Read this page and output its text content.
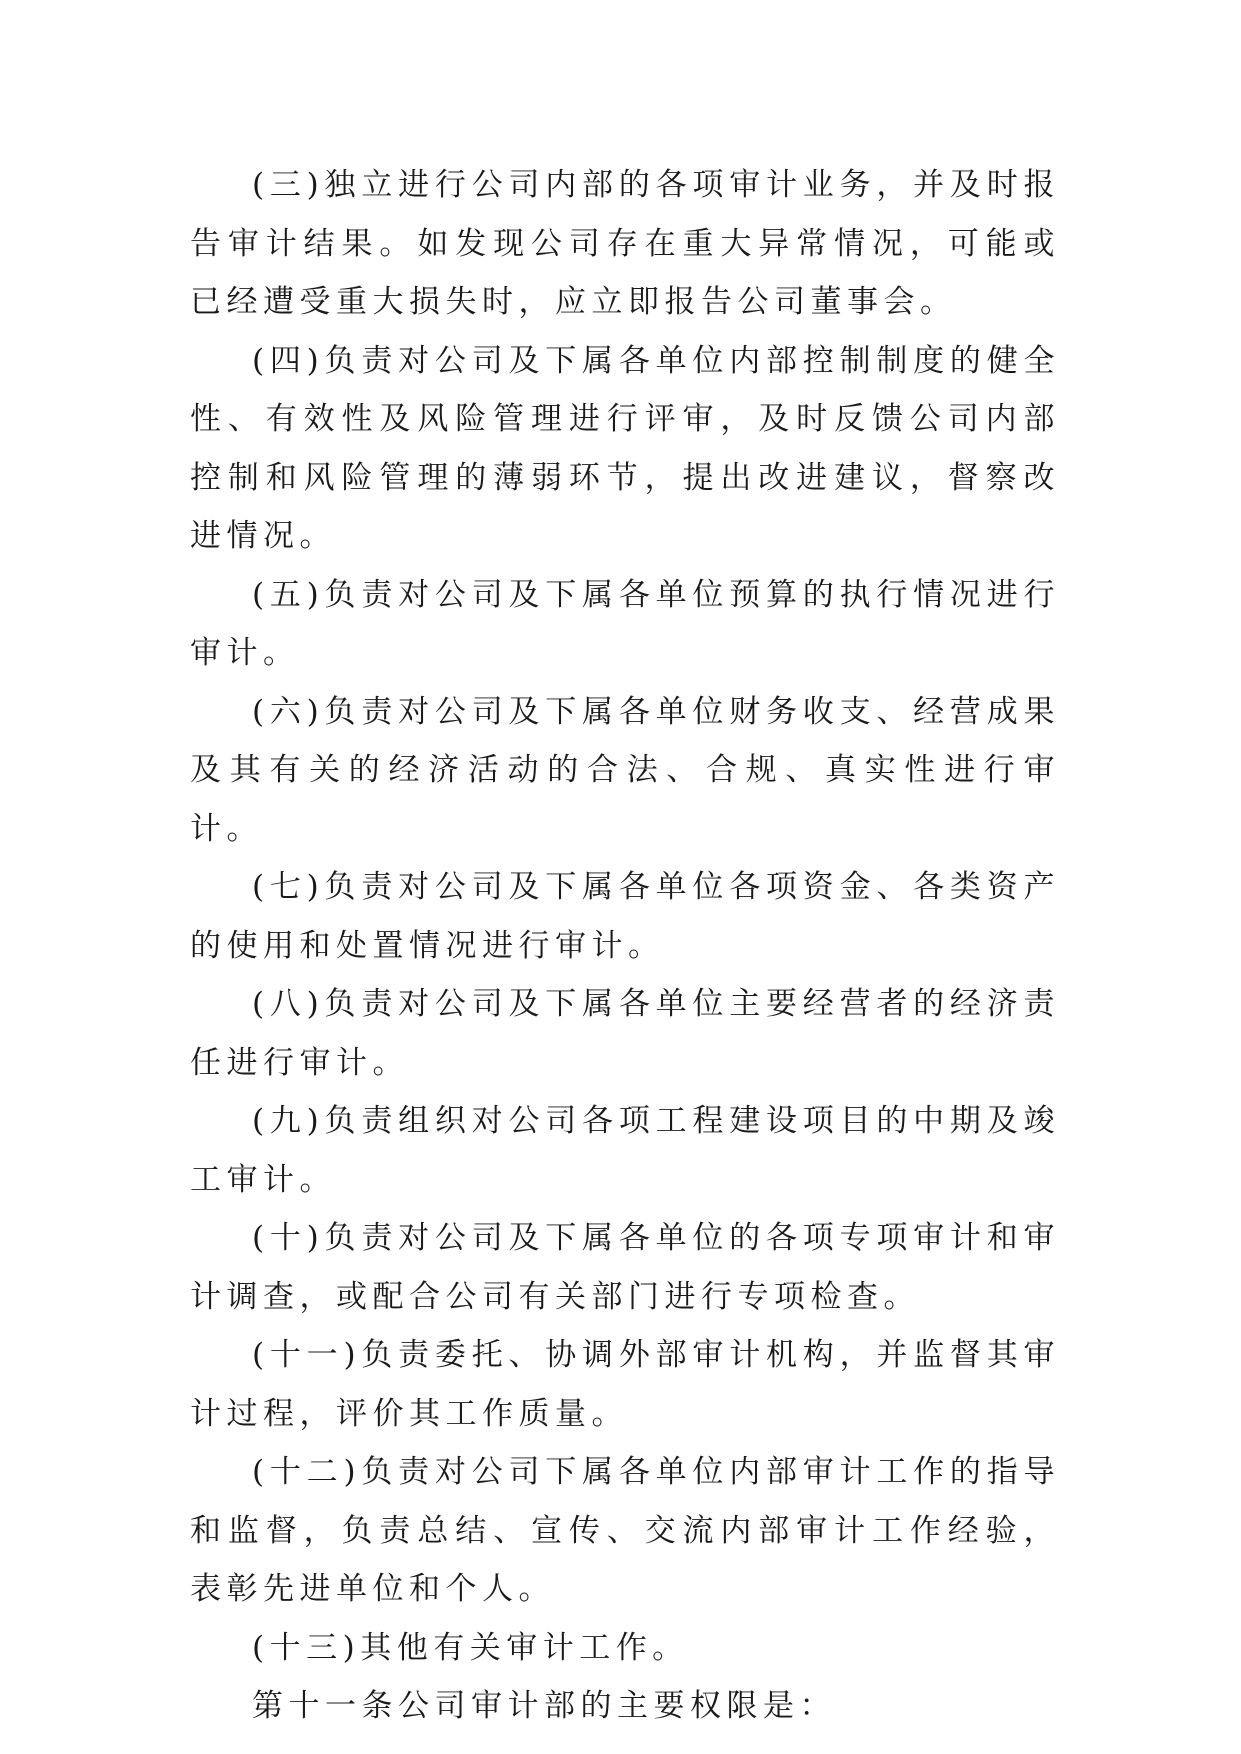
(三)独立进行公司内部的各项审计业务，并及时报告审计结果。如发现公司存在重大异常情况，可能或已经遭受重大损失时，应立即报告公司董事会。

(四)负责对公司及下属各单位内部控制制度的健全性、有效性及风险管理进行评审，及时反馈公司内部控制和风险管理的薄弱环节，提出改进建议，督察改进情况。

(五)负责对公司及下属各单位预算的执行情况进行审计。

(六)负责对公司及下属各单位财务收支、经营成果及其有关的经济活动的合法、合规、真实性进行审计。

(七)负责对公司及下属各单位各项资金、各类资产的使用和处置情况进行审计。

(八)负责对公司及下属各单位主要经营者的经济责任进行审计。

(九)负责组织对公司各项工程建设项目的中期及竣工审计。

(十)负责对公司及下属各单位的各项专项审计和审计调查，或配合公司有关部门进行专项检查。

(十一)负责委托、协调外部审计机构，并监督其审计过程，评价其工作质量。

(十二)负责对公司下属各单位内部审计工作的指导和监督，负责总结、宣传、交流内部审计工作经验，表彰先进单位和个人。

(十三)其他有关审计工作。

第十一条公司审计部的主要权限是：
